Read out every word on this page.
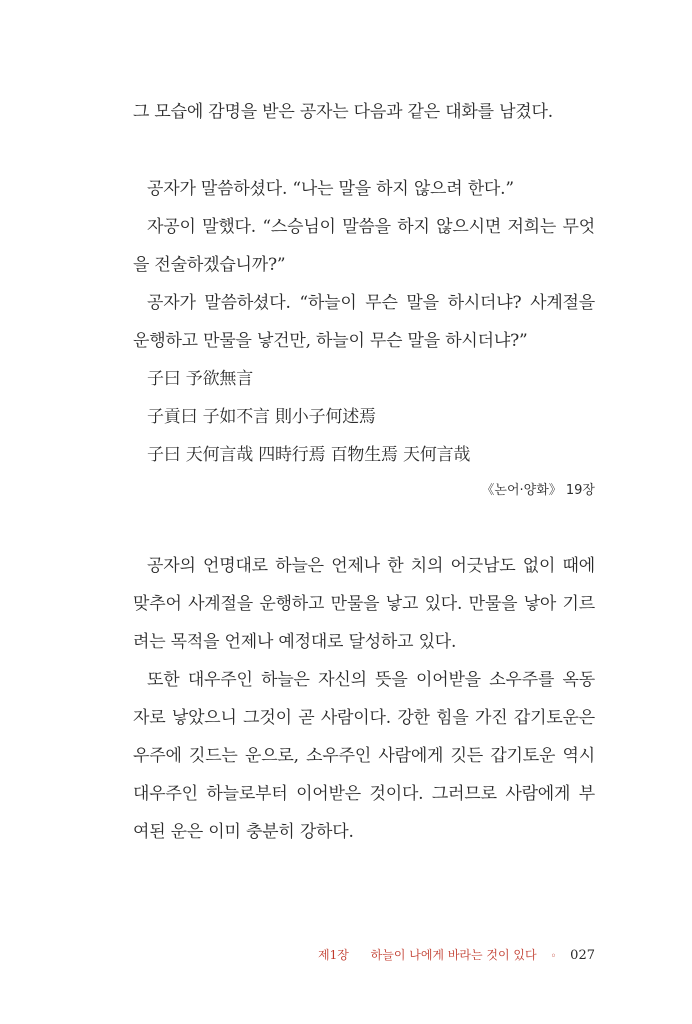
그 모습에 감명을 받은 공자는 다음과 같은 대화를 남겼다.
공자가 말씀하셨다. “나는 말을 하지 않으려 한다.”
자공이 말했다. “스승님이 말씀을 하지 않으시면 저희는 무엇
을 전술하겠습니까?”
공자가 말씀하셨다. “하늘이 무슨 말을 하시더냐? 사계절을
운행하고 만물을 낳건만, 하늘이 무슨 말을 하시더냐?”
子曰 予欲無言
子貢曰 子如不言 則小子何述焉
子曰 天何言哉 四時行焉 百物生焉 天何言哉
《논어·양화》 19장
공자의 언명대로 하늘은 언제나 한 치의 어긋남도 없이 때에
맞추어 사계절을 운행하고 만물을 낳고 있다. 만물을 낳아 기르
려는 목적을 언제나 예정대로 달성하고 있다.
또한 대우주인 하늘은 자신의 뜻을 이어받을 소우주를 옥동
자로 낳았으니 그것이 곧 사람이다. 강한 힘을 가진 갑기토운은
우주에 깃드는 운으로, 소우주인 사람에게 깃든 갑기토운 역시
대우주인 하늘로부터 이어받은 것이다. 그러므로 사람에게 부
여된 운은 이미 충분히 강하다.
제1장 하늘이 나에게 바라는 것이 있다 ◦ 027
